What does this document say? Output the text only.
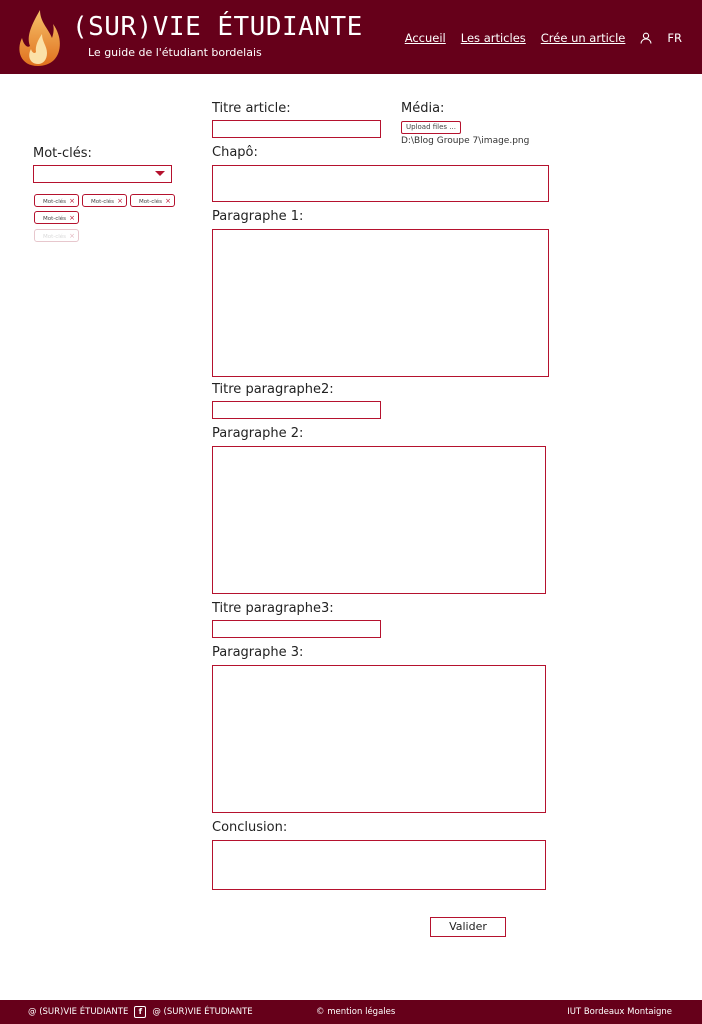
(SUR)VIE ÉTUDIANTE
Le guide de l'étudiant bordelais
Accueil Les articles Crée un article	FR
Mot-clés:
Mot-clés ×	Mot-clés ×	Mot-clés ×
Mot-clés ×
Mot-clés ×
Titre article:	Média:
Upload files ...
D:\Blog Groupe 7\image.png
Chapô:
Paragraphe 1:
Titre paragraphe2:
Paragraphe 2:
Titre paragraphe3:
Paragraphe 3:
Conclusion:
Valider
@ (SUR)VIE ÉTUDIANTE	f	@ (SUR)VIE ÉTUDIANTE	© mention légales	IUT Bordeaux Montaigne
